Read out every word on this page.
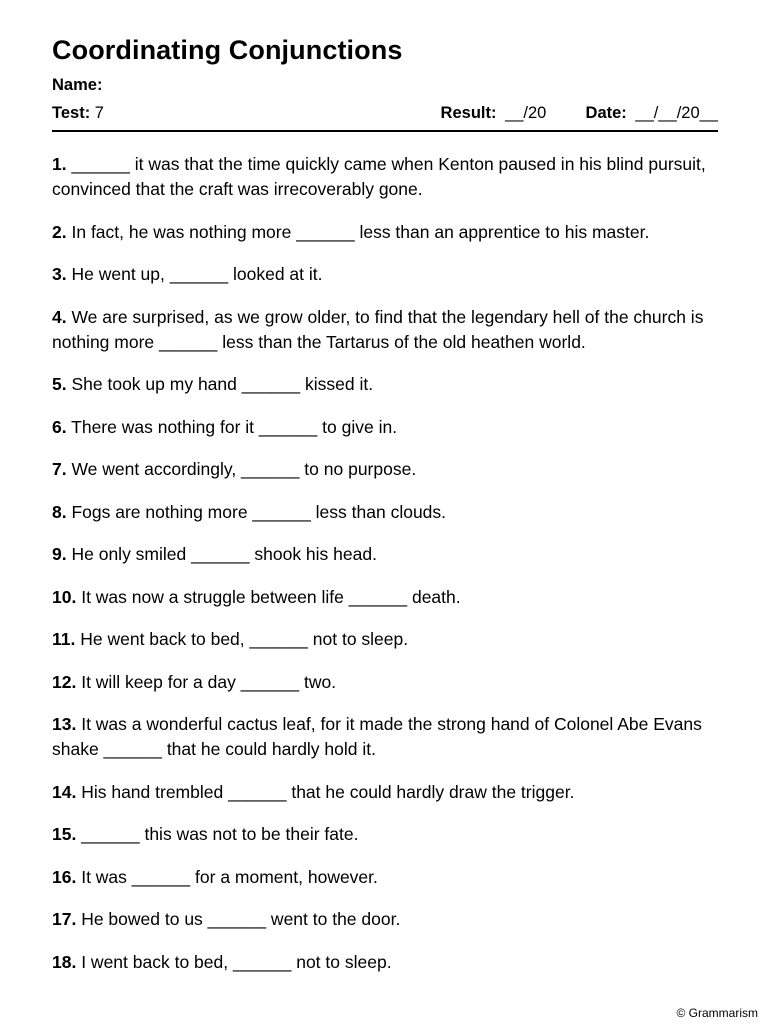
Coordinating Conjunctions
Name:
Test: 7	Result: __/20 Date: __/__/20__

1. ______ it was that the time quickly came when Kenton paused in his blind pursuit, convinced that the craft was irrecoverably gone.

2. In fact, he was nothing more ______ less than an apprentice to his master.

3. He went up, ______ looked at it.

4. We are surprised, as we grow older, to find that the legendary hell of the church is nothing more ______ less than the Tartarus of the old heathen world.

5. She took up my hand ______ kissed it.

6. There was nothing for it ______ to give in.

7. We went accordingly, ______ to no purpose.

8. Fogs are nothing more ______ less than clouds.

9. He only smiled ______ shook his head.

10. It was now a struggle between life ______ death.

11. He went back to bed, ______ not to sleep.

12. It will keep for a day ______ two.

13. It was a wonderful cactus leaf, for it made the strong hand of Colonel Abe Evans shake ______ that he could hardly hold it.

14. His hand trembled ______ that he could hardly draw the trigger.

15. ______ this was not to be their fate.

16. It was ______ for a moment, however.

17. He bowed to us ______ went to the door.

18. I went back to bed, ______ not to sleep.

© Grammarism
